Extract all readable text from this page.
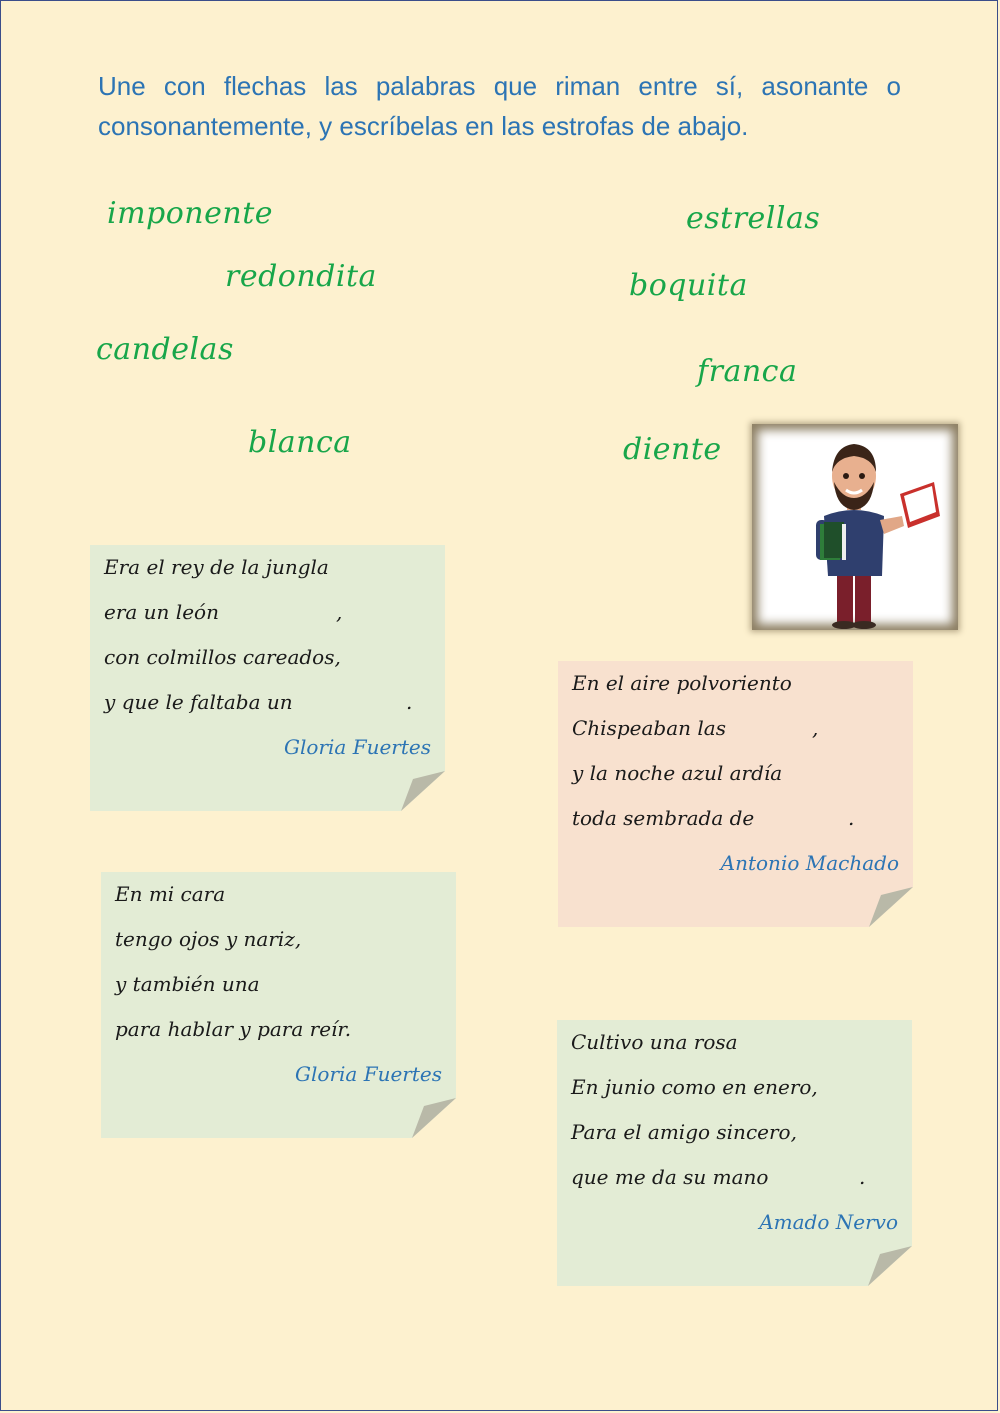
Une con flechas las palabras que riman entre sí, asonante o consonantemente, y escríbelas en las estrofas de abajo.
imponente
redondita
candelas
blanca
estrellas
boquita
franca
diente
Era el rey de la jungla
era un león	,
con colmillos careados,
y que le faltaba un	.
Gloria Fuertes
En el aire polvoriento
Chispeaban las	,
y la noche azul ardía
toda sembrada de	.
Antonio Machado
En mi cara
tengo ojos y nariz,
y también una
para hablar y para reír.
Gloria Fuertes
Cultivo una rosa
En junio como en enero,
Para el amigo sincero,
que me da su mano	.
Amado Nervo
